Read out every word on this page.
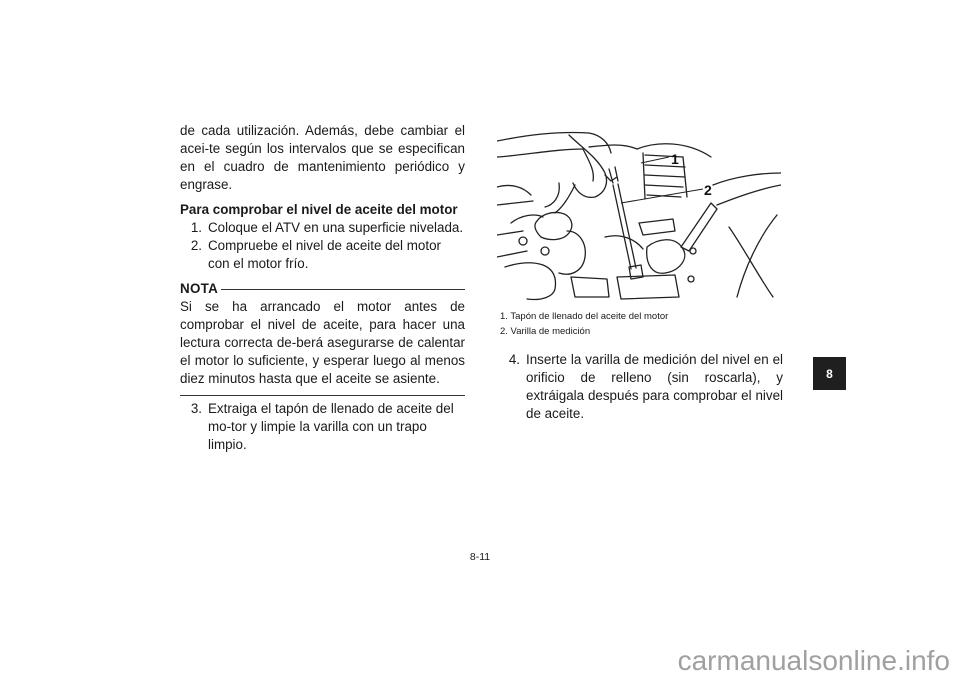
de cada utilización. Además, debe cambiar el acei-te según los intervalos que se especifican en el cuadro de mantenimiento periódico y engrase.

Para comprobar el nivel de aceite del motor

1. Coloque el ATV en una superficie nivelada.
2. Compruebe el nivel de aceite del motor con el motor frío.
NOTA

Si se ha arrancado el motor antes de comprobar el nivel de aceite, para hacer una lectura correcta de-berá asegurarse de calentar el motor lo suficiente, y esperar luego al menos diez minutos hasta que el aceite se asiente.

3. Extraiga el tapón de llenado de aceite del mo-tor y limpie la varilla con un trapo limpio.
1
2
1. Tapón de llenado del aceite del motor
2. Varilla de medición
4. Inserte la varilla de medición del nivel en el orificio de relleno (sin roscarla), y extráigala después para comprobar el nivel de aceite.
8-11
8
carmanualsonline.info
